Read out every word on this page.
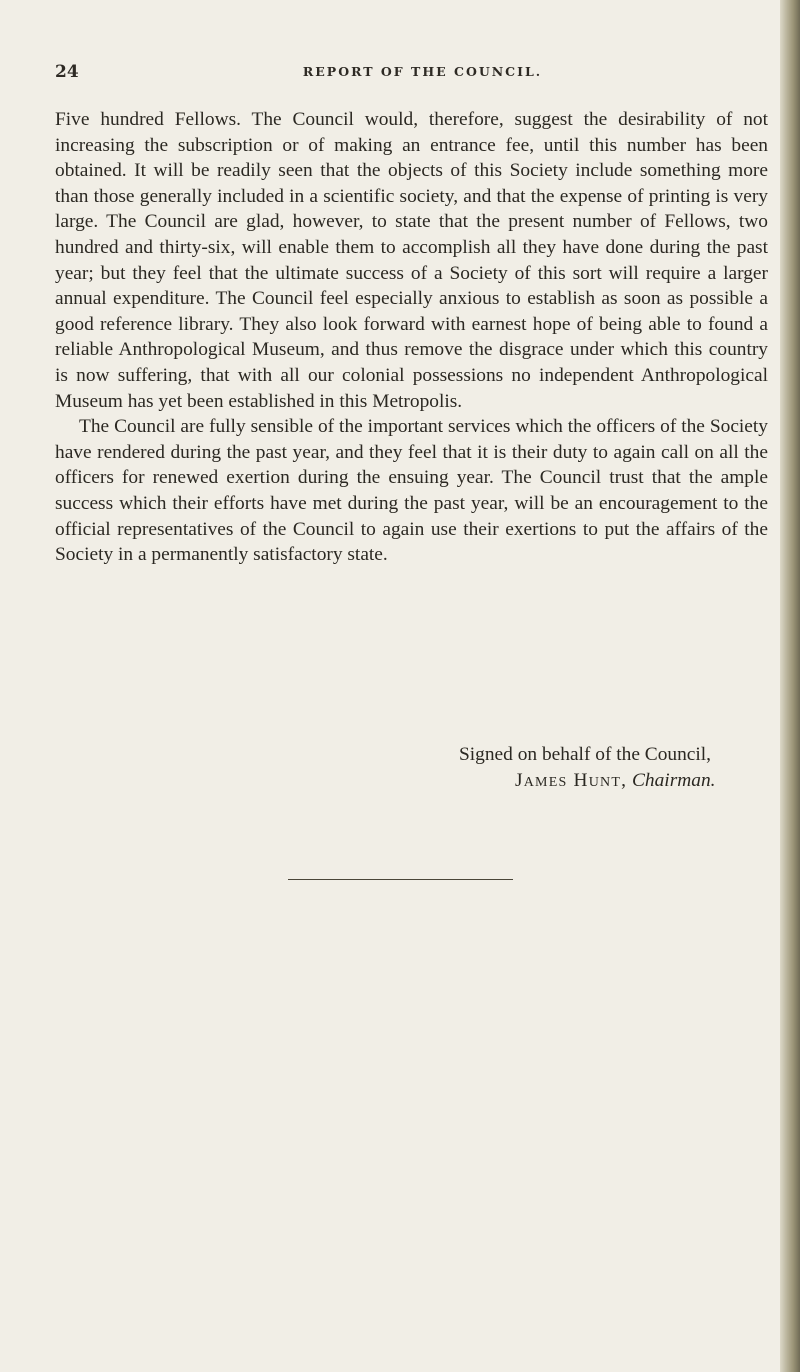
24	REPORT OF THE COUNCIL.

Five hundred Fellows. The Council would, therefore, suggest the desirability of not increasing the subscription or of making an entrance fee, until this number has been obtained. It will be readily seen that the objects of this Society include something more than those generally included in a scientific society, and that the expense of printing is very large. The Council are glad, however, to state that the present number of Fellows, two hundred and thirty-six, will enable them to accomplish all they have done during the past year; but they feel that the ultimate success of a Society of this sort will require a larger annual expenditure. The Council feel especially anxious to establish as soon as possible a good reference library. They also look forward with earnest hope of being able to found a reliable Anthropological Museum, and thus remove the disgrace under which this country is now suffering, that with all our colonial possessions no independent Anthropological Museum has yet been established in this Metropolis.

The Council are fully sensible of the important services which the officers of the Society have rendered during the past year, and they feel that it is their duty to again call on all the officers for renewed exertion during the ensuing year. The Council trust that the ample success which their efforts have met during the past year, will be an encouragement to the official representatives of the Council to again use their exertions to put the affairs of the Society in a permanently satisfactory state.

Signed on behalf of the Council,
James Hunt, Chairman.
